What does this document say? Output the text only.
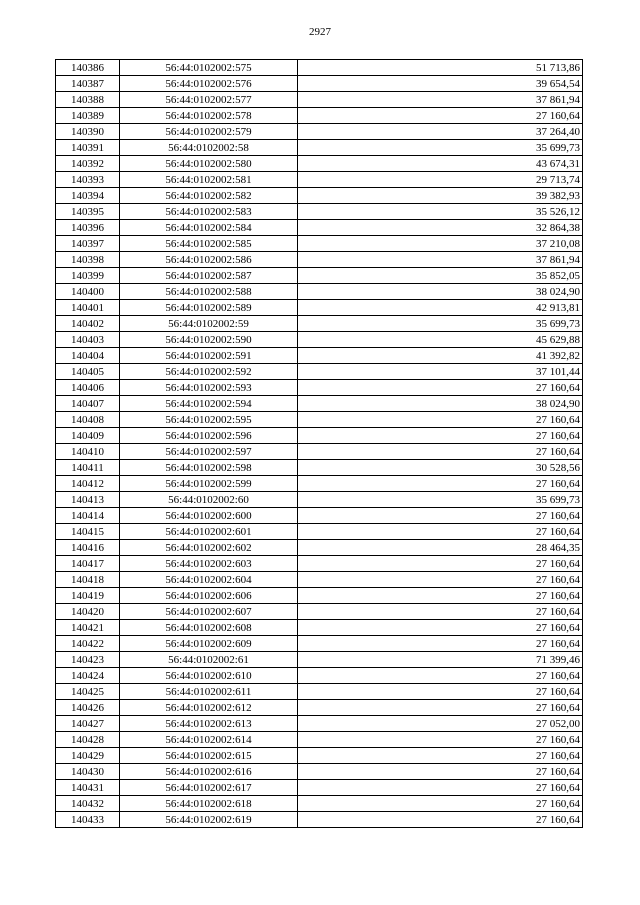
2927
140386	56:44:0102002:575	51 713,86
140387	56:44:0102002:576	39 654,54
140388	56:44:0102002:577	37 861,94
140389	56:44:0102002:578	27 160,64
140390	56:44:0102002:579	37 264,40
140391	56:44:0102002:58	35 699,73
140392	56:44:0102002:580	43 674,31
140393	56:44:0102002:581	29 713,74
140394	56:44:0102002:582	39 382,93
140395	56:44:0102002:583	35 526,12
140396	56:44:0102002:584	32 864,38
140397	56:44:0102002:585	37 210,08
140398	56:44:0102002:586	37 861,94
140399	56:44:0102002:587	35 852,05
140400	56:44:0102002:588	38 024,90
140401	56:44:0102002:589	42 913,81
140402	56:44:0102002:59	35 699,73
140403	56:44:0102002:590	45 629,88
140404	56:44:0102002:591	41 392,82
140405	56:44:0102002:592	37 101,44
140406	56:44:0102002:593	27 160,64
140407	56:44:0102002:594	38 024,90
140408	56:44:0102002:595	27 160,64
140409	56:44:0102002:596	27 160,64
140410	56:44:0102002:597	27 160,64
140411	56:44:0102002:598	30 528,56
140412	56:44:0102002:599	27 160,64
140413	56:44:0102002:60	35 699,73
140414	56:44:0102002:600	27 160,64
140415	56:44:0102002:601	27 160,64
140416	56:44:0102002:602	28 464,35
140417	56:44:0102002:603	27 160,64
140418	56:44:0102002:604	27 160,64
140419	56:44:0102002:606	27 160,64
140420	56:44:0102002:607	27 160,64
140421	56:44:0102002:608	27 160,64
140422	56:44:0102002:609	27 160,64
140423	56:44:0102002:61	71 399,46
140424	56:44:0102002:610	27 160,64
140425	56:44:0102002:611	27 160,64
140426	56:44:0102002:612	27 160,64
140427	56:44:0102002:613	27 052,00
140428	56:44:0102002:614	27 160,64
140429	56:44:0102002:615	27 160,64
140430	56:44:0102002:616	27 160,64
140431	56:44:0102002:617	27 160,64
140432	56:44:0102002:618	27 160,64
140433	56:44:0102002:619	27 160,64
